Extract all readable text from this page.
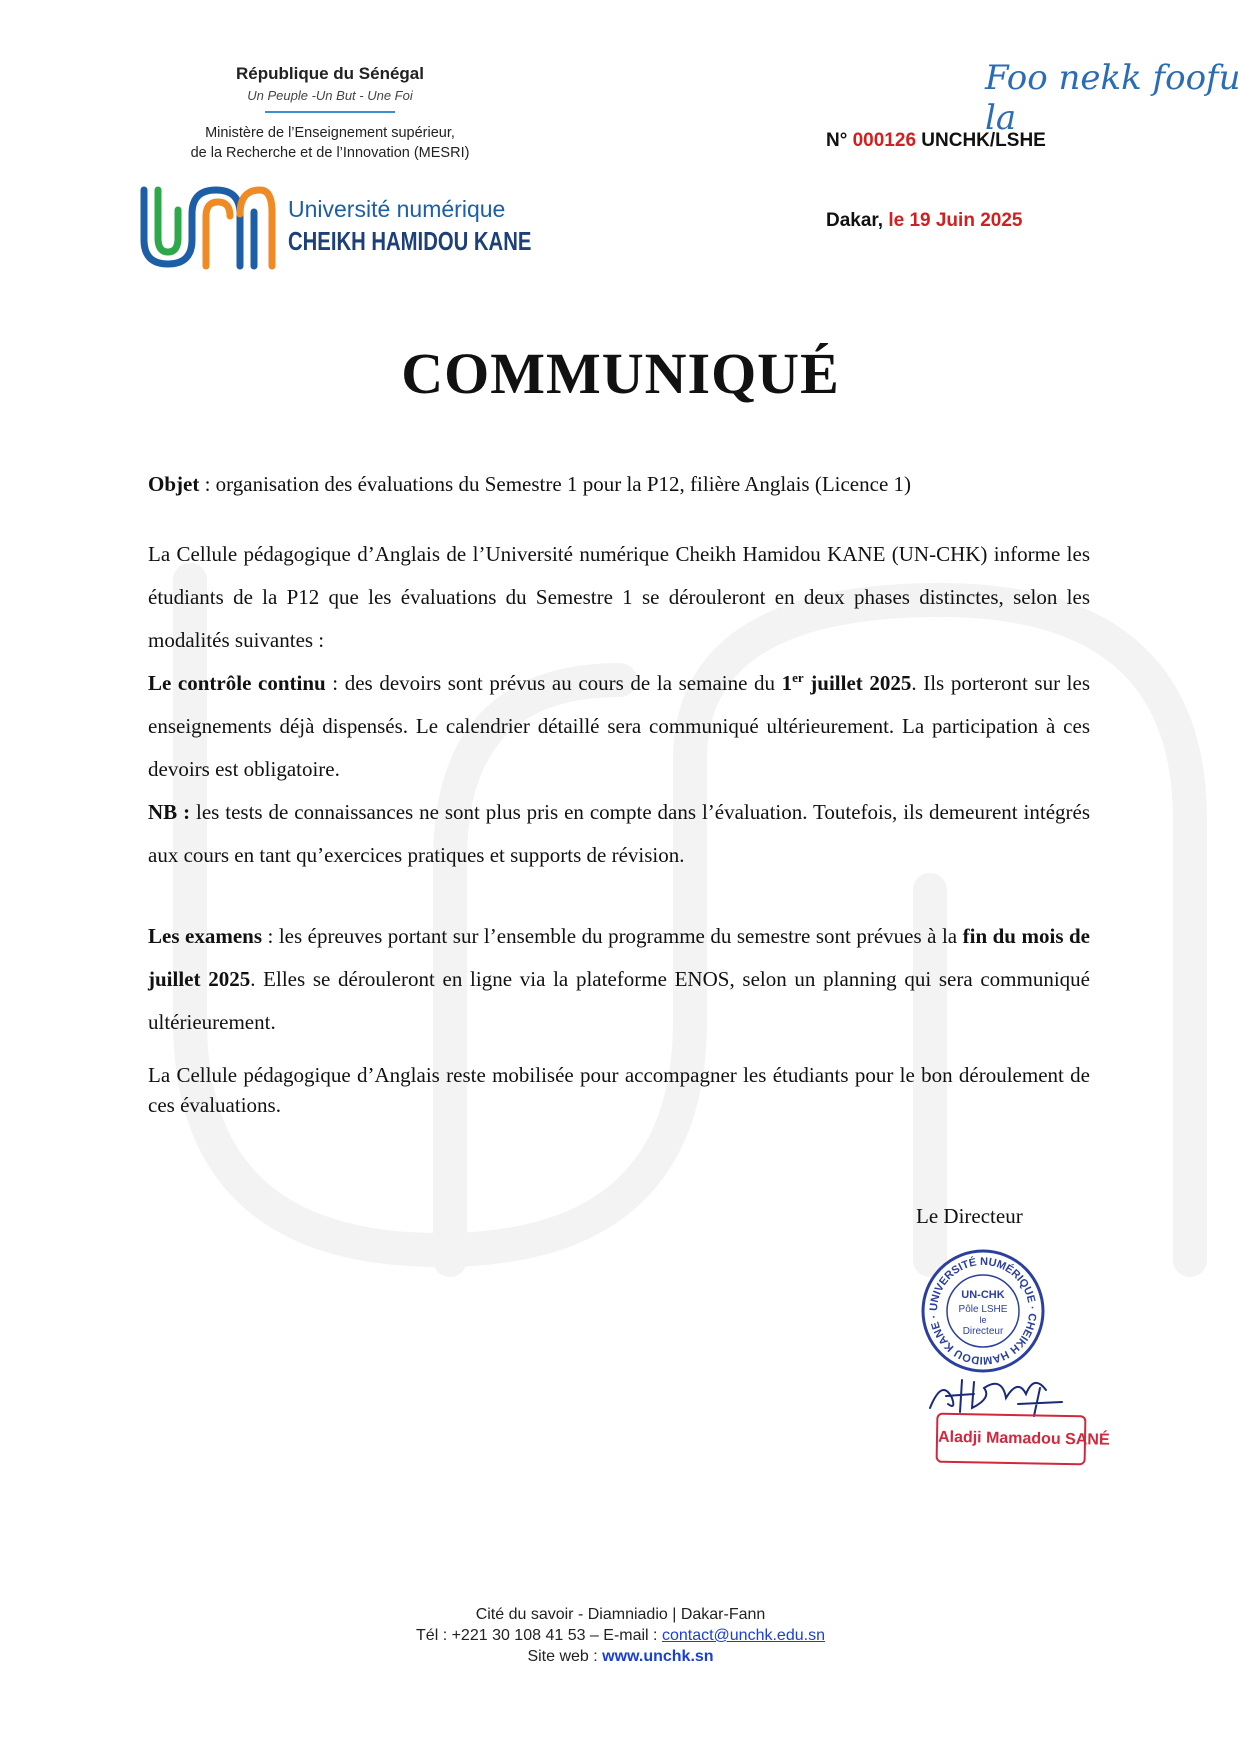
République du Sénégal
Un Peuple -Un But - Une Foi
Ministère de l’Enseignement supérieur,
de la Recherche et de l’Innovation (MESRI)
Université numérique
CHEIKH HAMIDOU KANE
Foo nekk foofu la
N° 000126 UNCHK/LSHE
Dakar, le 19 Juin 2025
COMMUNIQUÉ
Objet : organisation des évaluations du Semestre 1 pour la P12, filière Anglais (Licence 1)
La Cellule pédagogique d’Anglais de l’Université numérique Cheikh Hamidou KANE (UN-CHK) informe les étudiants de la P12 que les évaluations du Semestre 1 se dérouleront en deux phases distinctes, selon les modalités suivantes :
Le contrôle continu : des devoirs sont prévus au cours de la semaine du 1er juillet 2025. Ils porteront sur les enseignements déjà dispensés. Le calendrier détaillé sera communiqué ultérieurement. La participation à ces devoirs est obligatoire.
NB : les tests de connaissances ne sont plus pris en compte dans l’évaluation. Toutefois, ils demeurent intégrés aux cours en tant qu’exercices pratiques et supports de révision.
Les examens : les épreuves portant sur l’ensemble du programme du semestre sont prévues à la fin du mois de juillet 2025. Elles se dérouleront en ligne via la plateforme ENOS, selon un planning qui sera communiqué ultérieurement.
La Cellule pédagogique d’Anglais reste mobilisée pour accompagner les étudiants pour le bon déroulement de ces évaluations.
Le Directeur
UNIVERSITÉ NUMÉRIQUE · CHEIKH HAMIDOU KANE ·
UN-CHK
Pôle LSHE
le
Directeur
Aladji Mamadou SANÉ
Cité du savoir - Diamniadio | Dakar-Fann
Tél : +221 30 108 41 53 – E-mail : contact@unchk.edu.sn
Site web : www.unchk.sn
